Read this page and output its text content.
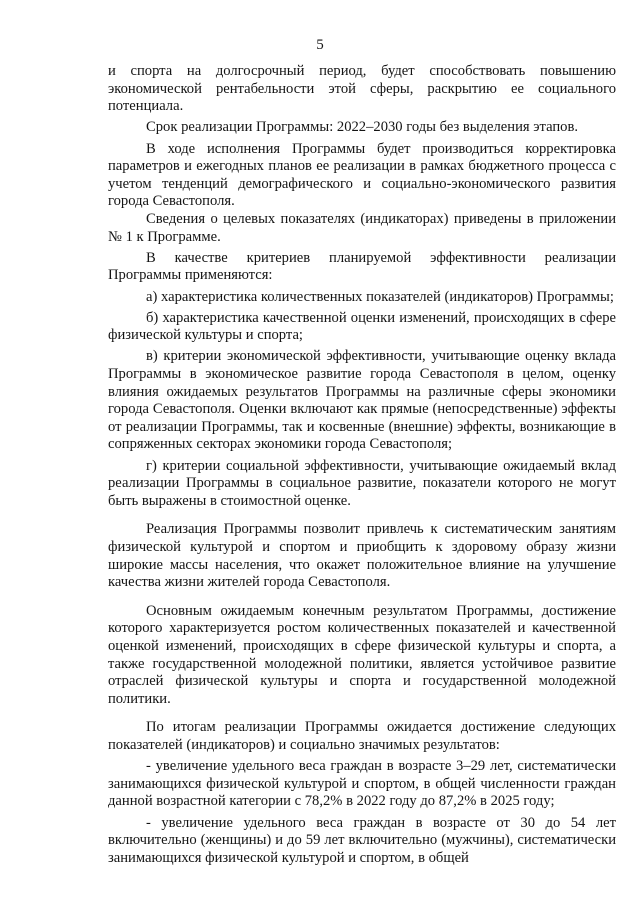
5

и спорта на долгосрочный период, будет способствовать повышению экономической рентабельности этой сферы, раскрытию ее социального потенциала.

Срок реализации Программы: 2022–2030 годы без выделения этапов.

В ходе исполнения Программы будет производиться корректировка параметров и ежегодных планов ее реализации в рамках бюджетного процесса с учетом тенденций демографического и социально-экономического развития города Севастополя.

Сведения о целевых показателях (индикаторах) приведены в приложении № 1 к Программе.

В качестве критериев планируемой эффективности реализации Программы применяются:

а) характеристика количественных показателей (индикаторов) Программы;

б) характеристика качественной оценки изменений, происходящих в сфере физической культуры и спорта;

в) критерии экономической эффективности, учитывающие оценку вклада Программы в экономическое развитие города Севастополя в целом, оценку влияния ожидаемых результатов Программы на различные сферы экономики города Севастополя. Оценки включают как прямые (непосредственные) эффекты от реализации Программы, так и косвенные (внешние) эффекты, возникающие в сопряженных секторах экономики города Севастополя;

г) критерии социальной эффективности, учитывающие ожидаемый вклад реализации Программы в социальное развитие, показатели которого не могут быть выражены в стоимостной оценке.

Реализация Программы позволит привлечь к систематическим занятиям физической культурой и спортом и приобщить к здоровому образу жизни широкие массы населения, что окажет положительное влияние на улучшение качества жизни жителей города Севастополя.

Основным ожидаемым конечным результатом Программы, достижение которого характеризуется ростом количественных показателей и качественной оценкой изменений, происходящих в сфере физической культуры и спорта, а также государственной молодежной политики, является устойчивое развитие отраслей физической культуры и спорта и государственной молодежной политики.

По итогам реализации Программы ожидается достижение следующих показателей (индикаторов) и социально значимых результатов:

- увеличение удельного веса граждан в возрасте 3–29 лет, систематически занимающихся физической культурой и спортом, в общей численности граждан данной возрастной категории с 78,2% в 2022 году до 87,2% в 2025 году;

- увеличение удельного веса граждан в возрасте от 30 до 54 лет включительно (женщины) и до 59 лет включительно (мужчины), систематически занимающихся физической культурой и спортом, в общей
